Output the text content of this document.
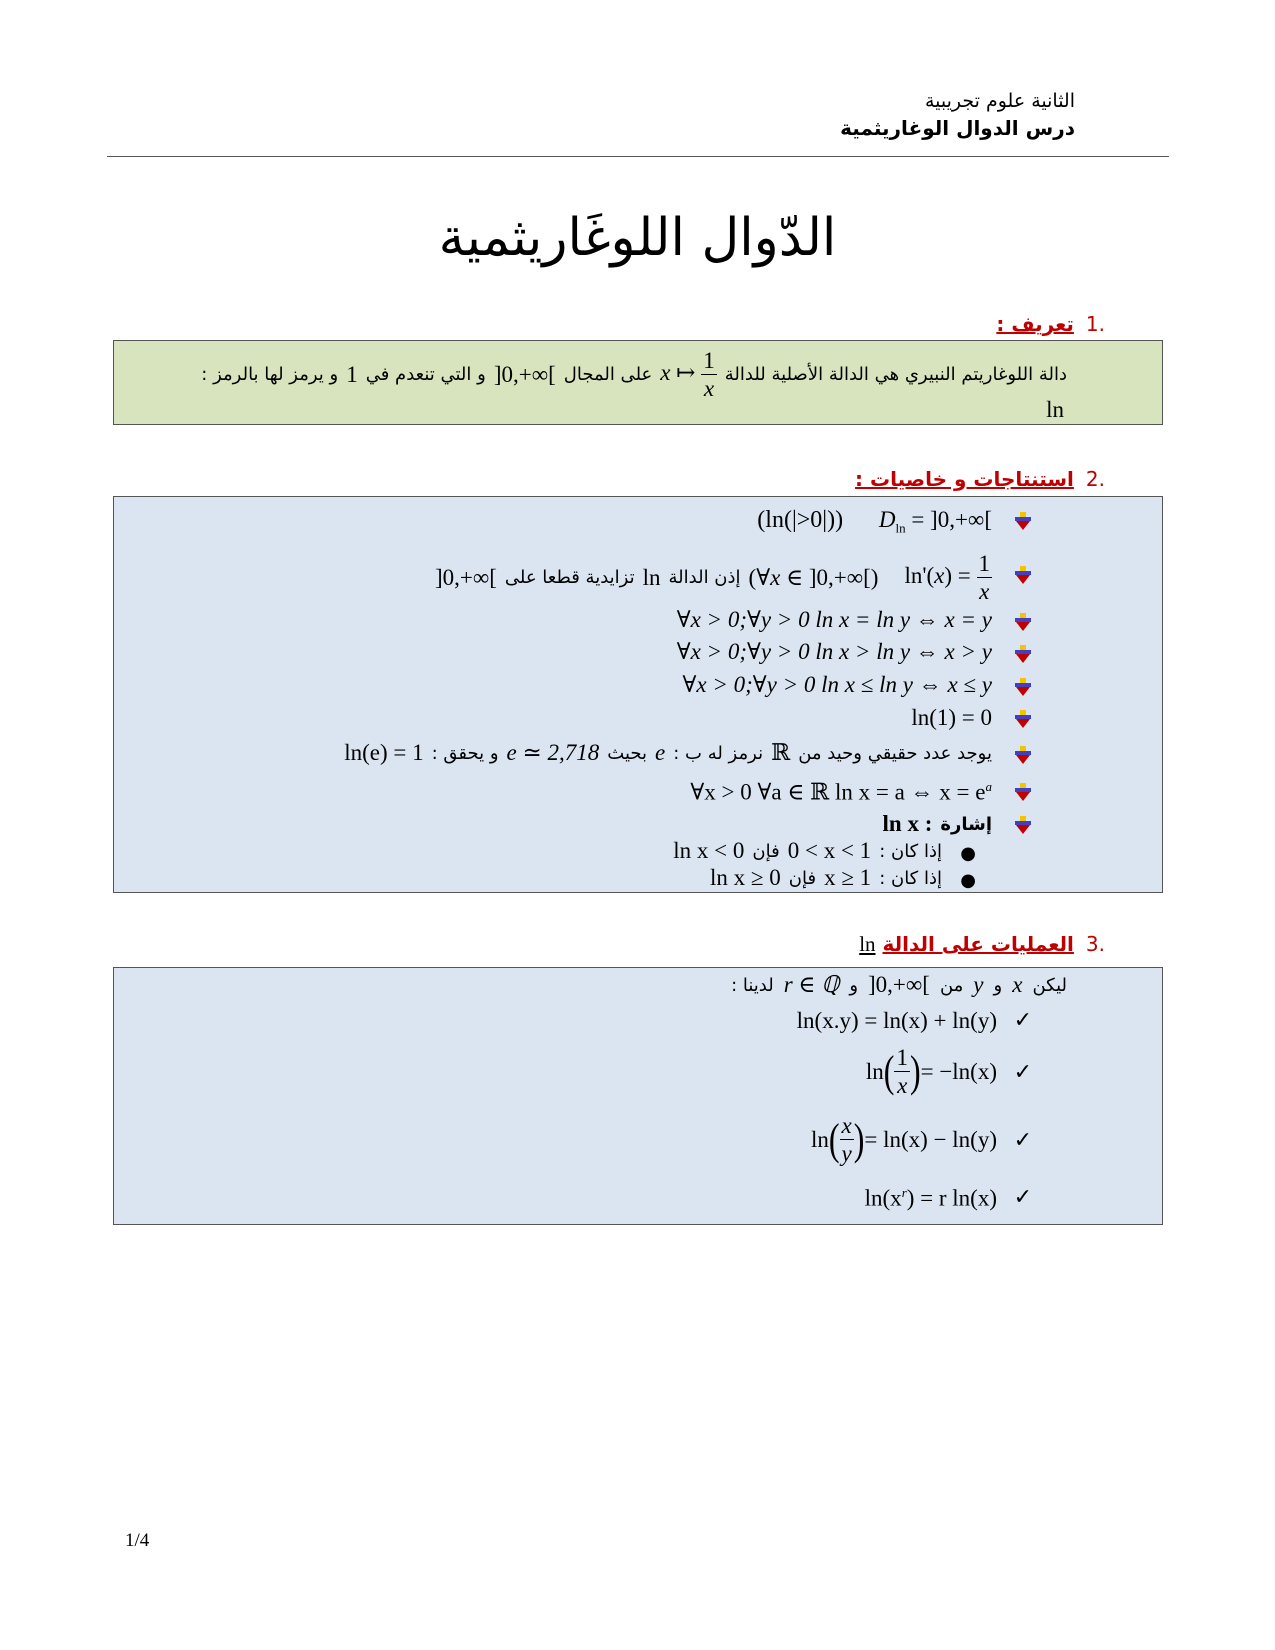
الثانية علوم تجريبية
درس الدوال الوغاريثمية
الدّوال اللوغَاريثمية
.1تعريف :
دالة اللوغاريتم النبيري هي الدالة الأصلية للدالة
x ↦ $\frac{1}{x}$
على المجال
]0,+∞[
و التي تنعدم في
1
و يرمز لها بالرمز :
ln
.2استنتاجات و خاصيات :
(ln(|>0|)) $D_{ln} = ]0,+\infty$[
$\ln'(x) = \frac{1}{x}$
(∀x ∈ ]0,+∞[)
إذن الدالة
ln
تزايدية قطعا على
]0,+∞[
∀x > 0;∀y > 0 ln x = ln y ⇔ x = y
∀x > 0;∀y > 0 ln x > ln y ⇔ x > y
∀x > 0;∀y > 0 ln x ≤ ln y ⇔ x ≤ y
ln(1) = 0
يوجد عدد حقيقي وحيد من
ℝ
نرمز له ب :
e
بحيث
e ≃ 2,718
و يحقق :
ln(e) = 1
∀x > 0 ∀a ∈ ℝ ln x = a ⇔ $x = e^a$
إشارة
ln x :
●
إذا كان :
0 < x < 1
فإن
ln x < 0
●
إذا كان :
x ≥ 1
فإن
ln x ≥ 0
.3العمليات على الدالة ln
ليكن
x
و
y
من
]0,+∞[
و
r ∈ ℚ
لدينا :
✓
ln(x.y) = ln(x) + ln(y)
✓
ln ( $\frac{1}{x}$ ) = −ln(x)
✓
ln ( $\frac{x}{y}$ ) = ln(x) − ln(y)
✓
$\ln(x^r) = r$ ln(x)
1/4
